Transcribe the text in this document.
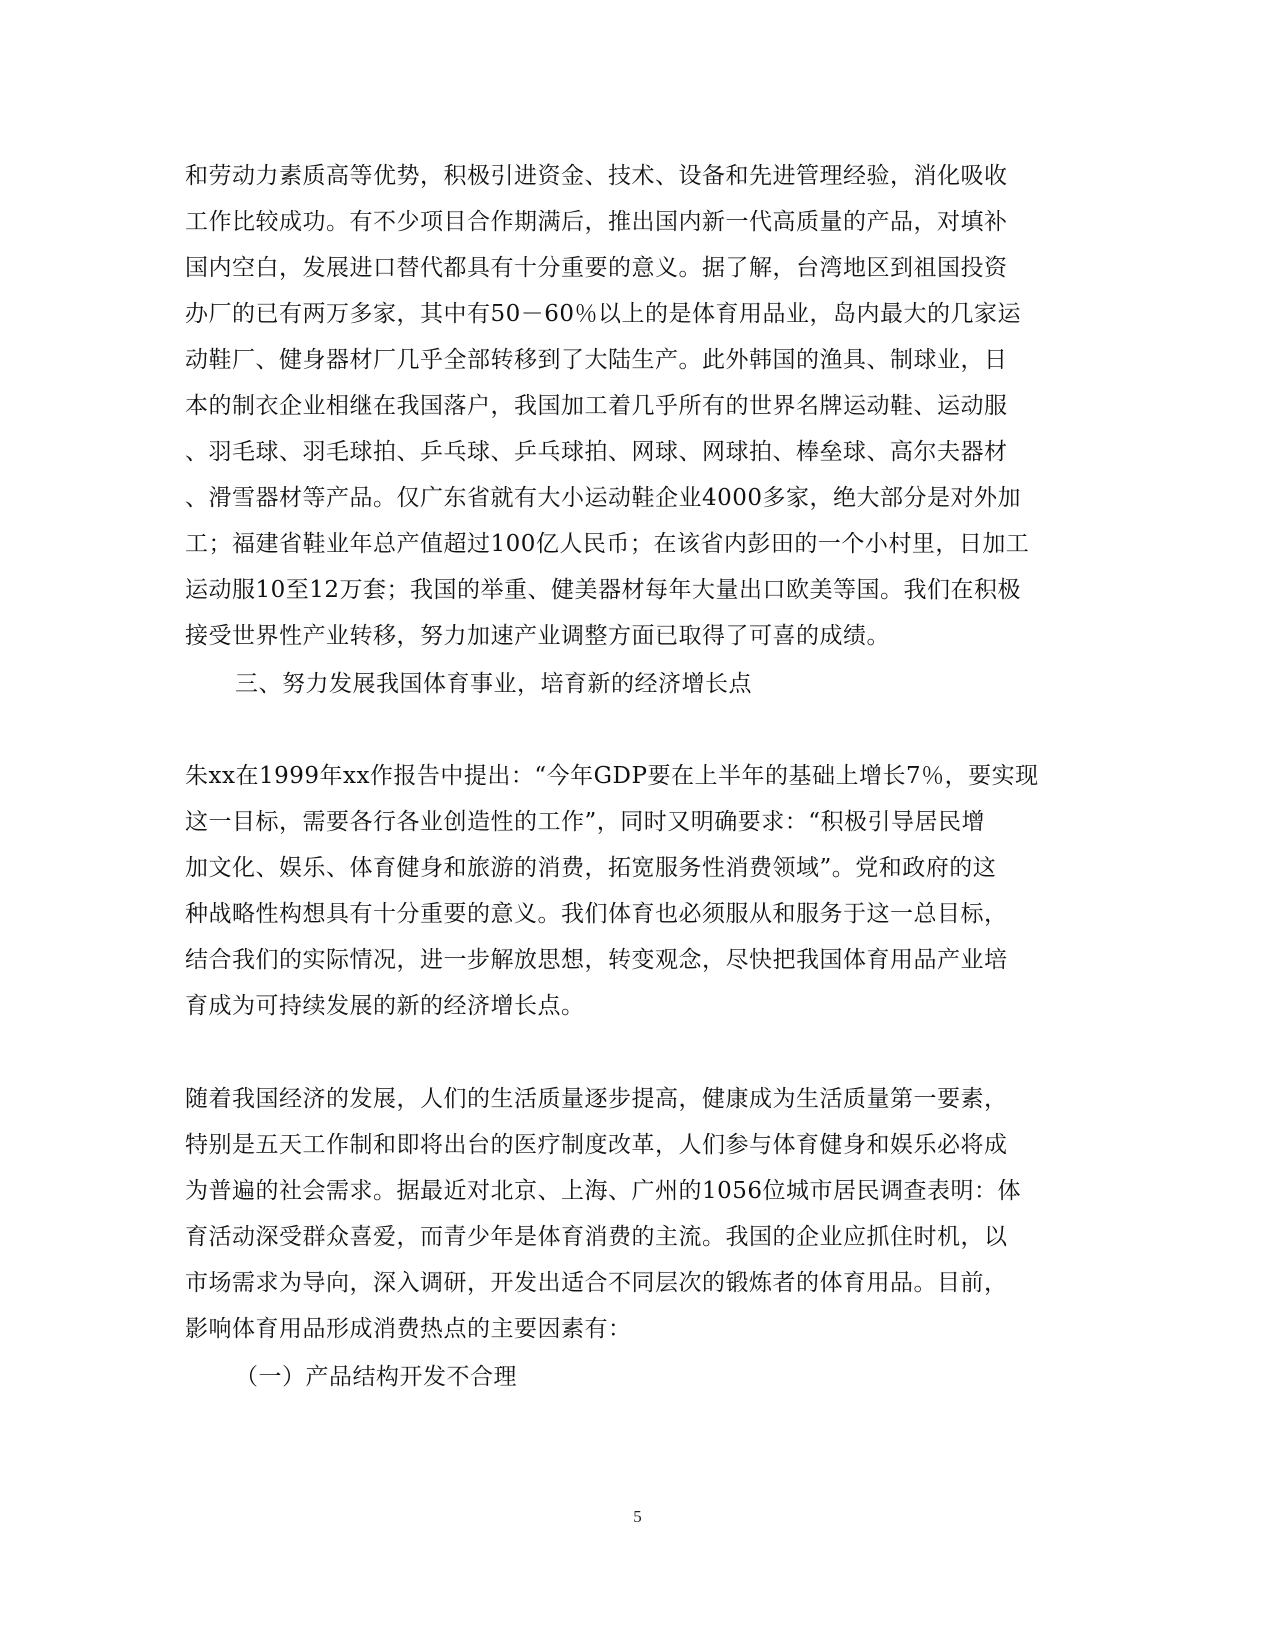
和劳动力素质高等优势，积极引进资金、技术、设备和先进管理经验，消化吸收
工作比较成功。有不少项目合作期满后，推出国内新一代高质量的产品，对填补
国内空白，发展进口替代都具有十分重要的意义。据了解，台湾地区到祖国投资
办厂的已有两万多家，其中有50－60％以上的是体育用品业，岛内最大的几家运
动鞋厂、健身器材厂几乎全部转移到了大陆生产。此外韩国的渔具、制球业，日
本的制衣企业相继在我国落户，我国加工着几乎所有的世界名牌运动鞋、运动服
、羽毛球、羽毛球拍、乒乓球、乒乓球拍、网球、网球拍、棒垒球、高尔夫器材
、滑雪器材等产品。仅广东省就有大小运动鞋企业4000多家，绝大部分是对外加
工；福建省鞋业年总产值超过100亿人民币；在该省内彭田的一个小村里，日加工
运动服10至12万套；我国的举重、健美器材每年大量出口欧美等国。我们在积极
接受世界性产业转移，努力加速产业调整方面已取得了可喜的成绩。
三、努力发展我国体育事业，培育新的经济增长点
朱xx在1999年xx作报告中提出：“今年GDP要在上半年的基础上增长7％，要实现
这一目标，需要各行各业创造性的工作”，同时又明确要求：“积极引导居民增
加文化、娱乐、体育健身和旅游的消费，拓宽服务性消费领域”。党和政府的这
种战略性构想具有十分重要的意义。我们体育也必须服从和服务于这一总目标，
结合我们的实际情况，进一步解放思想，转变观念，尽快把我国体育用品产业培
育成为可持续发展的新的经济增长点。
随着我国经济的发展，人们的生活质量逐步提高，健康成为生活质量第一要素，
特别是五天工作制和即将出台的医疗制度改革，人们参与体育健身和娱乐必将成
为普遍的社会需求。据最近对北京、上海、广州的1056位城市居民调查表明：体
育活动深受群众喜爱，而青少年是体育消费的主流。我国的企业应抓住时机，以
市场需求为导向，深入调研，开发出适合不同层次的锻炼者的体育用品。目前，
影响体育用品形成消费热点的主要因素有：
（一）产品结构开发不合理
5
